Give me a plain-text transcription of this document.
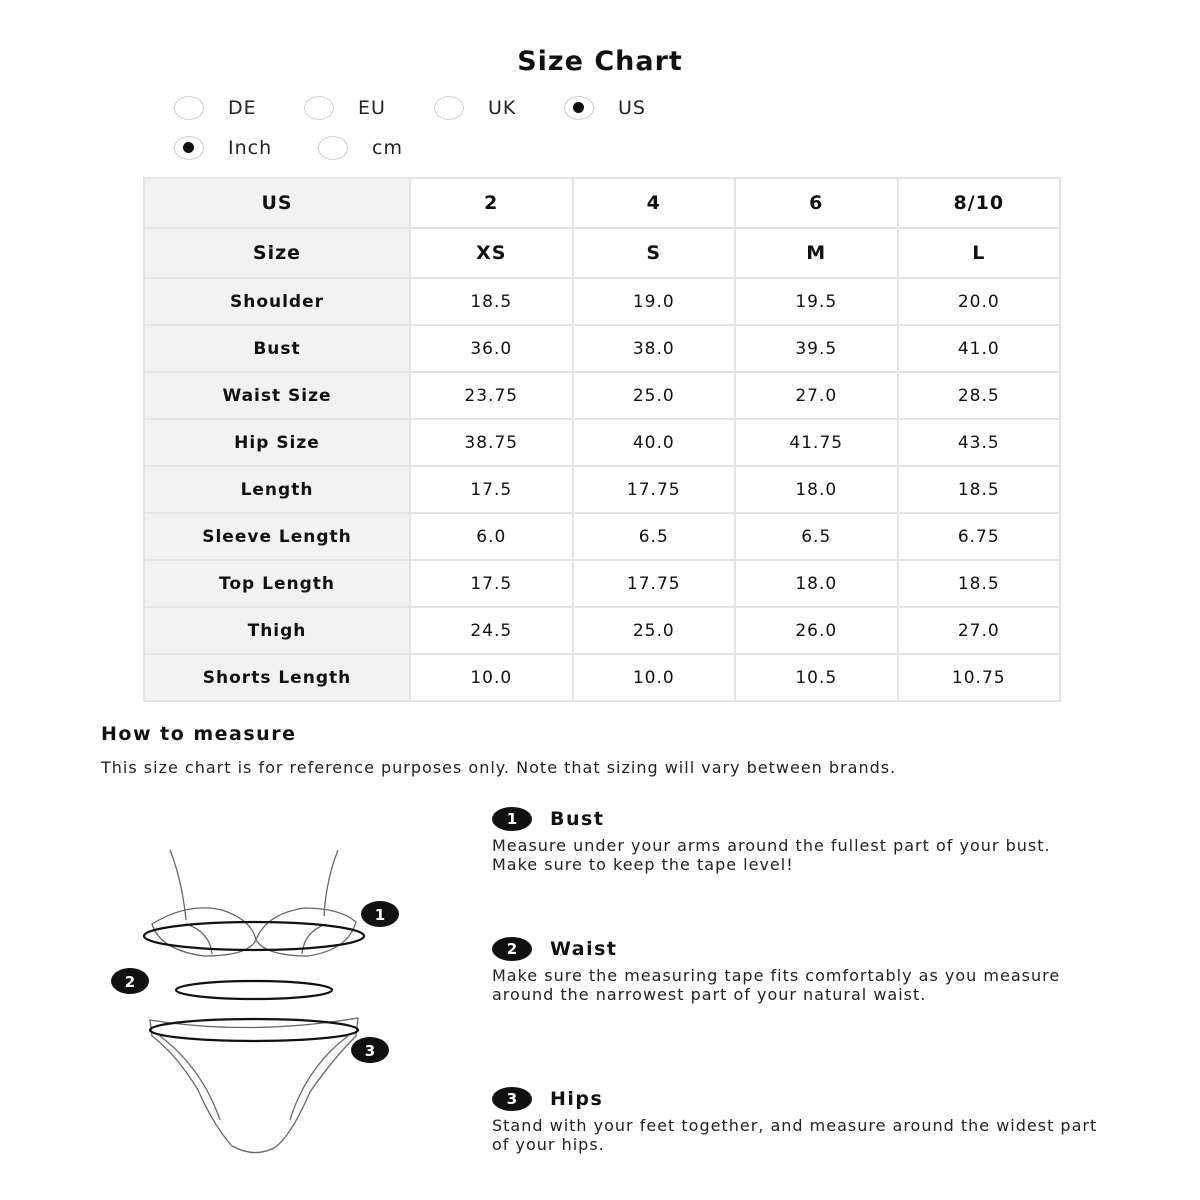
Size Chart
DE	EU	UK	US
Inch	cm
US	2	4	6	8/10
Size	XS	S	M	L
Shoulder	18.5	19.0	19.5	20.0
Bust	36.0	38.0	39.5	41.0
Waist Size	23.75	25.0	27.0	28.5
Hip Size	38.75	40.0	41.75	43.5
Length	17.5	17.75	18.0	18.5
Sleeve Length	6.0	6.5	6.5	6.75
Top Length	17.5	17.75	18.0	18.5
Thigh	24.5	25.0	26.0	27.0
Shorts Length	10.0	10.0	10.5	10.75
How to measure
This size chart is for reference purposes only. Note that sizing will vary between brands.
1
2
3
1	Bust
Measure under your arms around the fullest part of your bust. Make sure to keep the tape level!
2	Waist
Make sure the measuring tape fits comfortably as you measure around the narrowest part of your natural waist.
3	Hips
Stand with your feet together, and measure around the widest part of your hips.
